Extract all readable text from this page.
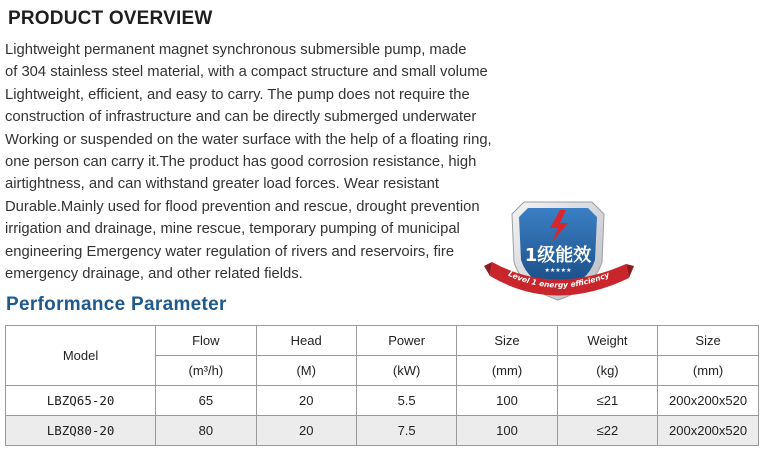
PRODUCT OVERVIEW
Lightweight permanent magnet synchronous submersible pump, made
of 304 stainless steel material, with a compact structure and small volume
Lightweight, efficient, and easy to carry. The pump does not require the
construction of infrastructure and can be directly submerged underwater
Working or suspended on the water surface with the help of a floating ring,
one person can carry it.The product has good corrosion resistance, high
airtightness, and can withstand greater load forces. Wear resistant
Durable.Mainly used for flood prevention and rescue, drought prevention
irrigation and drainage, mine rescue, temporary pumping of municipal
engineering Emergency water regulation of rivers and reservoirs, fire
emergency drainage, and other related fields.
1级能效
★★★★★
Level 1 energy efficiency
Performance Parameter
Model	Flow	Head	Power	Size	Weight	Size
	(m³/h)	(M)	(kW)	(mm)	(kg)	(mm)
LBZQ65-20	65	20	5.5	100	≤21	200x200x520
LBZQ80-20	80	20	7.5	100	≤22	200x200x520
